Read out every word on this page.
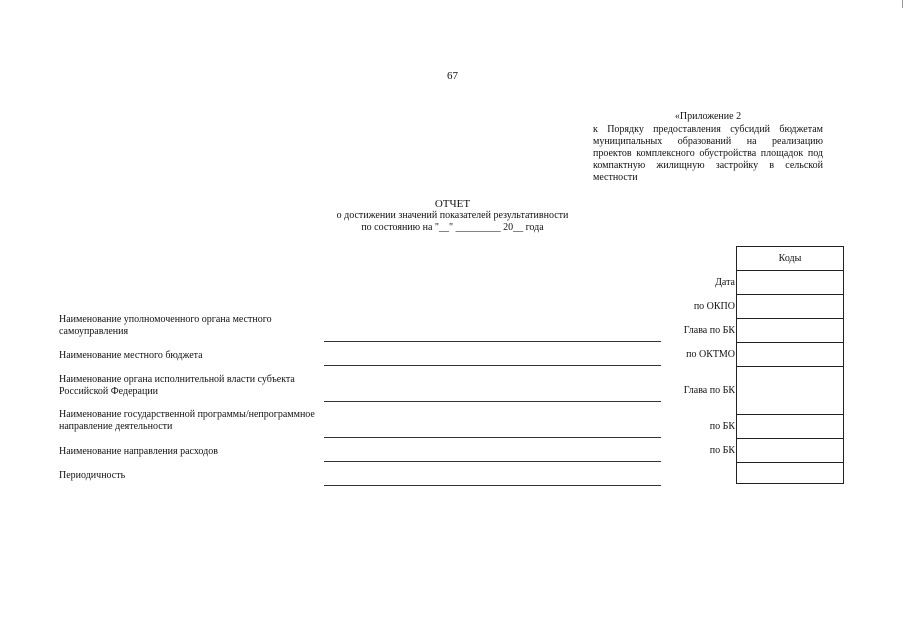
67
«Приложение 2
к Порядку предоставления субсидий бюджетам муниципальных образований на реализацию проектов комплексного обустройства площадок под компактную жилищную застройку в сельской местности
ОТЧЕТ
о достижении значений показателей результативности
по состоянию на "__" _________ 20__ года
Наименование уполномоченного органа местного самоуправления
Наименование местного бюджета
Наименование органа исполнительной власти субъекта Российской Федерации
Наименование государственной программы/непрограммное направление деятельности
Наименование направления расходов
Периодичность
Дата
по ОКПО
Глава по БК
по ОКТМО
Глава по БК
по БК
по БК
Коды
